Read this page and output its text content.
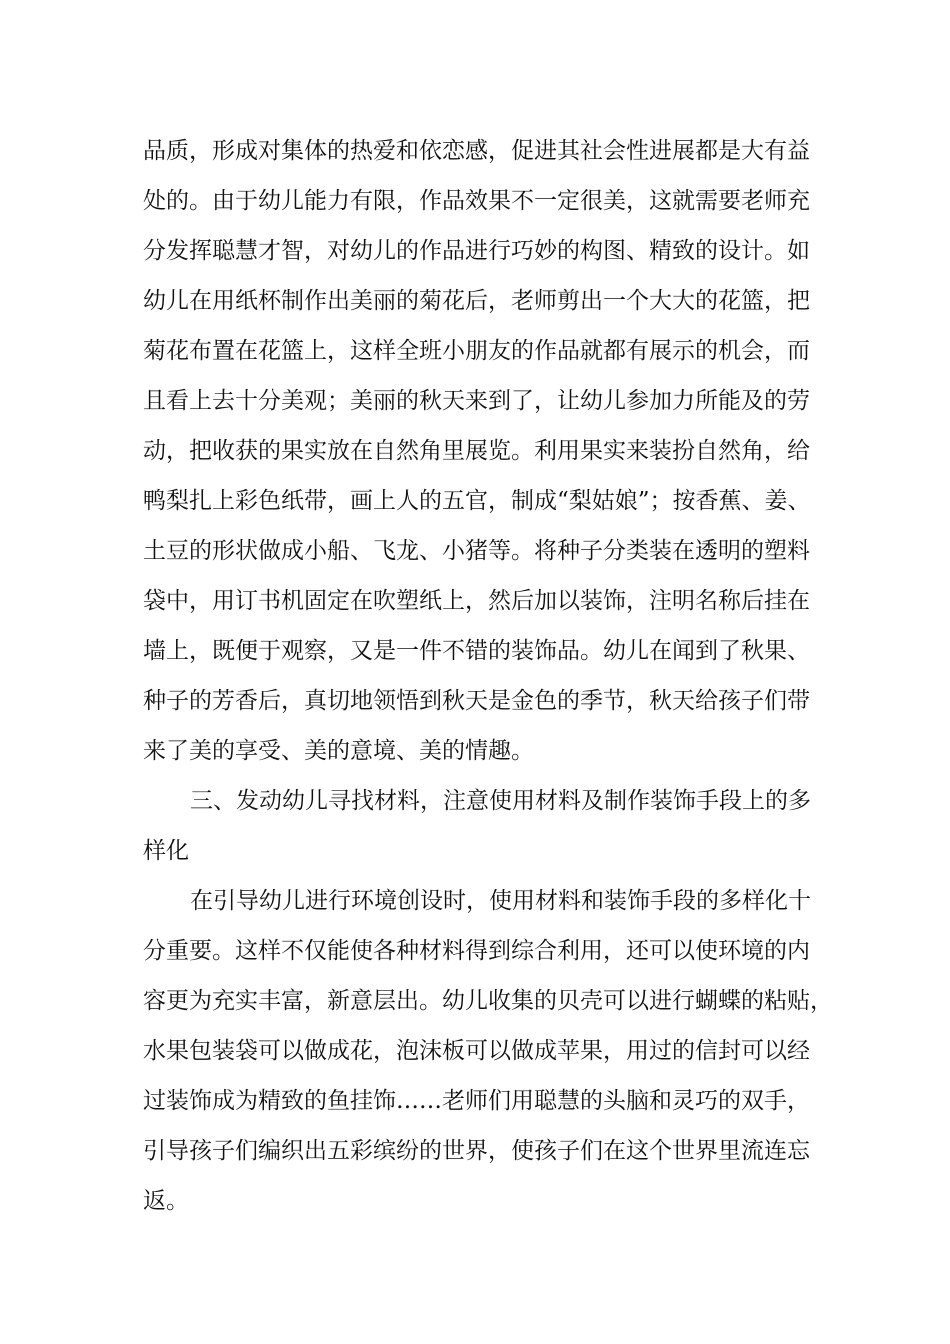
品质，形成对集体的热爱和依恋感，促进其社会性进展都是大有益

处的。由于幼儿能力有限，作品效果不一定很美，这就需要老师充

分发挥聪慧才智，对幼儿的作品进行巧妙的构图、精致的设计。如

幼儿在用纸杯制作出美丽的菊花后，老师剪出一个大大的花篮，把

菊花布置在花篮上，这样全班小朋友的作品就都有展示的机会，而

且看上去十分美观；美丽的秋天来到了，让幼儿参加力所能及的劳

动，把收获的果实放在自然角里展览。利用果实来装扮自然角，给

鸭梨扎上彩色纸带，画上人的五官，制成“梨姑娘”；按香蕉、姜、

土豆的形状做成小船、飞龙、小猪等。将种子分类装在透明的塑料

袋中，用订书机固定在吹塑纸上，然后加以装饰，注明名称后挂在

墙上，既便于观察，又是一件不错的装饰品。幼儿在闻到了秋果、

种子的芳香后，真切地领悟到秋天是金色的季节，秋天给孩子们带

来了美的享受、美的意境、美的情趣。

三、发动幼儿寻找材料，注意使用材料及制作装饰手段上的多

样化

在引导幼儿进行环境创设时，使用材料和装饰手段的多样化十

分重要。这样不仅能使各种材料得到综合利用，还可以使环境的内

容更为充实丰富，新意层出。幼儿收集的贝壳可以进行蝴蝶的粘贴，

水果包装袋可以做成花，泡沫板可以做成苹果，用过的信封可以经

过装饰成为精致的鱼挂饰……老师们用聪慧的头脑和灵巧的双手，

引导孩子们编织出五彩缤纷的世界，使孩子们在这个世界里流连忘

返。
